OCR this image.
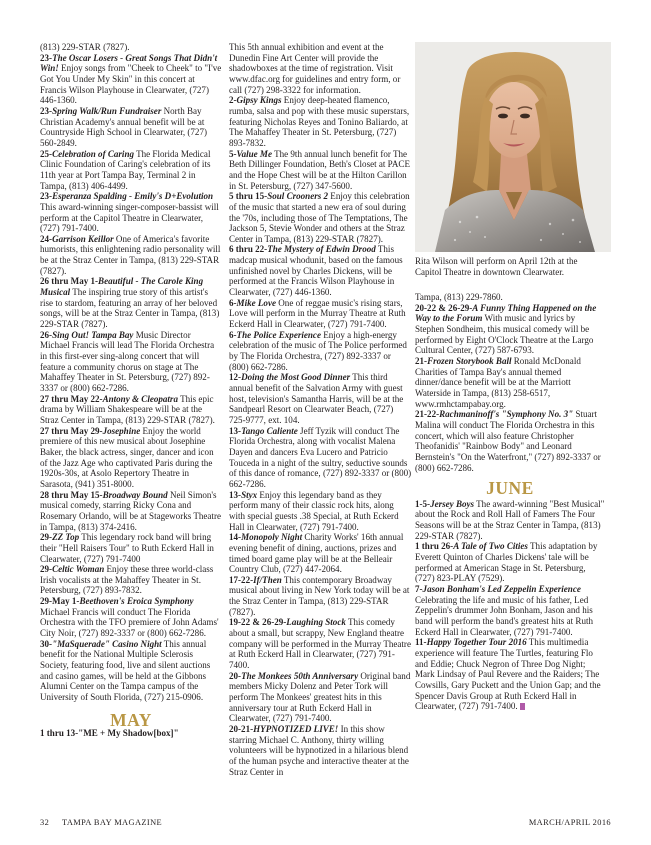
(813) 229-STAR (7827).

23-The Oscar Losers - Great Songs That Didn't Win! Enjoy songs from "Cheek to Cheek" to "I've Got You Under My Skin" in this concert at Francis Wilson Playhouse in Clearwater, (727) 446-1360.

23-Spring Walk/Run Fundraiser North Bay Christian Academy's annual benefit will be at Countryside High School in Clearwater, (727) 560-2849.

25-Celebration of Caring The Florida Medical Clinic Foundation of Caring's celebration of its 11th year at Port Tampa Bay, Terminal 2 in Tampa, (813) 406-4499.

23-Esperanza Spalding - Emily's D+Evolution This award-winning singer-composer-bassist will perform at the Capitol Theatre in Clearwater, (727) 791-7400.

24-Garrison Keillor One of America's favorite humorists, this enlightening radio personality will be at the Straz Center in Tampa, (813) 229-STAR (7827).

26 thru May 1-Beautiful - The Carole King Musical The inspiring true story of this artist's rise to stardom, featuring an array of her beloved songs, will be at the Straz Center in Tampa, (813) 229-STAR (7827).

26-Sing Out! Tampa Bay Music Director Michael Francis will lead The Florida Orchestra in this first-ever sing-along concert that will feature a community chorus on stage at The Mahaffey Theater in St. Petersburg, (727) 892-3337 or (800) 662-7286.

27 thru May 22-Antony & Cleopatra This epic drama by William Shakespeare will be at the Straz Center in Tampa, (813) 229-STAR (7827).

27 thru May 29-Josephine Enjoy the world premiere of this new musical about Josephine Baker, the black actress, singer, dancer and icon of the Jazz Age who captivated Paris during the 1920s-30s, at Asolo Repertory Theatre in Sarasota, (941) 351-8000.

28 thru May 15-Broadway Bound Neil Simon's musical comedy, starring Ricky Cona and Rosemary Orlando, will be at Stageworks Theatre in Tampa, (813) 374-2416.

29-ZZ Top This legendary rock band will bring their "Hell Raisers Tour" to Ruth Eckerd Hall in Clearwater, (727) 791-7400

29-Celtic Woman Enjoy these three world-class Irish vocalists at the Mahaffey Theater in St. Petersburg, (727) 893-7832.

29-May 1-Beethoven's Eroica Symphony Michael Francis will conduct The Florida Orchestra with the TFO premiere of John Adams' City Noir, (727) 892-3337 or (800) 662-7286.

30-"MaSquerade" Casino Night This annual benefit for the National Multiple Sclerosis Society, featuring food, live and silent auctions and casino games, will be held at the Gibbons Alumni Center on the Tampa campus of the University of South Florida, (727) 215-0906.

MAY

1 thru 13-"ME + My Shadow[box]"

This 5th annual exhibition and event at the Dunedin Fine Art Center will provide the shadowboxes at the time of registration. Visit www.dfac.org for guidelines and entry form, or call (727) 298-3322 for information.

2-Gipsy Kings Enjoy deep-heated flamenco, rumba, salsa and pop with these music superstars, featuring Nicholas Reyes and Tonino Baliardo, at The Mahaffey Theater in St. Petersburg, (727) 893-7832.

5-Value Me The 9th annual lunch benefit for The Beth Dillinger Foundation, Beth's Closet at PACE and the Hope Chest will be at the Hilton Carillon in St. Petersburg, (727) 347-5600.

5 thru 15-Soul Crooners 2 Enjoy this celebration of the music that started a new era of soul during the '70s, including those of The Temptations, The Jackson 5, Stevie Wonder and others at the Straz Center in Tampa, (813) 229-STAR (7827).

6 thru 22-The Mystery of Edwin Drood This madcap musical whodunit, based on the famous unfinished novel by Charles Dickens, will be performed at the Francis Wilson Playhouse in Clearwater, (727) 446-1360.

6-Mike Love One of reggae music's rising stars, Love will perform in the Murray Theatre at Ruth Eckerd Hall in Clearwater, (727) 791-7400.

6-The Police Experience Enjoy a high-energy celebration of the music of The Police performed by The Florida Orchestra, (727) 892-3337 or (800) 662-7286.

12-Doing the Most Good Dinner This third annual benefit of the Salvation Army with guest host, television's Samantha Harris, will be at the Sandpearl Resort on Clearwater Beach, (727) 725-9777, ext. 104.

13-Tango Caliente Jeff Tyzik will conduct The Florida Orchestra, along with vocalist Malena Dayen and dancers Eva Lucero and Patricio Touceda in a night of the sultry, seductive sounds of this dance of romance, (727) 892-3337 or (800) 662-7286.

13-Styx Enjoy this legendary band as they perform many of their classic rock hits, along with special guests .38 Special, at Ruth Eckerd Hall in Clearwater, (727) 791-7400.

14-Monopoly Night Charity Works' 16th annual evening benefit of dining, auctions, prizes and timed board game play will be at the Belleair Country Club, (727) 447-2064.

17-22-If/Then This contemporary Broadway musical about living in New York today will be at the Straz Center in Tampa, (813) 229-STAR (7827).

19-22 & 26-29-Laughing Stock This comedy about a small, but scrappy, New England theatre company will be performed in the Murray Theatre at Ruth Eckerd Hall in Clearwater, (727) 791-7400.

20-The Monkees 50th Anniversary Original band members Micky Dolenz and Peter Tork will perform The Monkees' greatest hits in this anniversary tour at Ruth Eckerd Hall in Clearwater, (727) 791-7400.

20-21-HYPNOTIZED LIVE! In this show starring Michael C. Anthony, thirty willing volunteers will be hypnotized in a hilarious blend of the human psyche and interactive theater at the Straz Center in

Rita Wilson will perform on April 12th at the Capitol Theatre in downtown Clearwater.

Tampa, (813) 229-7860.

20-22 & 26-29-A Funny Thing Happened on the Way to the Forum With music and lyrics by Stephen Sondheim, this musical comedy will be performed by Eight O'Clock Theatre at the Largo Cultural Center, (727) 587-6793.

21-Frozen Storybook Ball Ronald McDonald Charities of Tampa Bay's annual themed dinner/dance benefit will be at the Marriott Waterside in Tampa, (813) 258-6517, www.rmhctampabay.org.

21-22-Rachmaninoff's "Symphony No. 3" Stuart Malina will conduct The Florida Orchestra in this concert, which will also feature Christopher Theofanidis' "Rainbow Body" and Leonard Bernstein's "On the Waterfront," (727) 892-3337 or (800) 662-7286.

JUNE

1-5-Jersey Boys The award-winning "Best Musical" about the Rock and Roll Hall of Famers The Four Seasons will be at the Straz Center in Tampa, (813) 229-STAR (7827).

1 thru 26-A Tale of Two Cities This adaptation by Everett Quinton of Charles Dickens' tale will be performed at American Stage in St. Petersburg, (727) 823-PLAY (7529).

7-Jason Bonham's Led Zeppelin Experience Celebrating the life and music of his father, Led Zeppelin's drummer John Bonham, Jason and his band will perform the band's greatest hits at Ruth Eckerd Hall in Clearwater, (727) 791-7400.

11-Happy Together Tour 2016 This multimedia experience will feature The Turtles, featuring Flo and Eddie; Chuck Negron of Three Dog Night; Mark Lindsay of Paul Revere and the Raiders; The Cowsills, Gary Puckett and the Union Gap; and the Spencer Davis Group at Ruth Eckerd Hall in Clearwater, (727) 791-7400.

32 TAMPA BAY MAGAZINE	MARCH/APRIL 2016
